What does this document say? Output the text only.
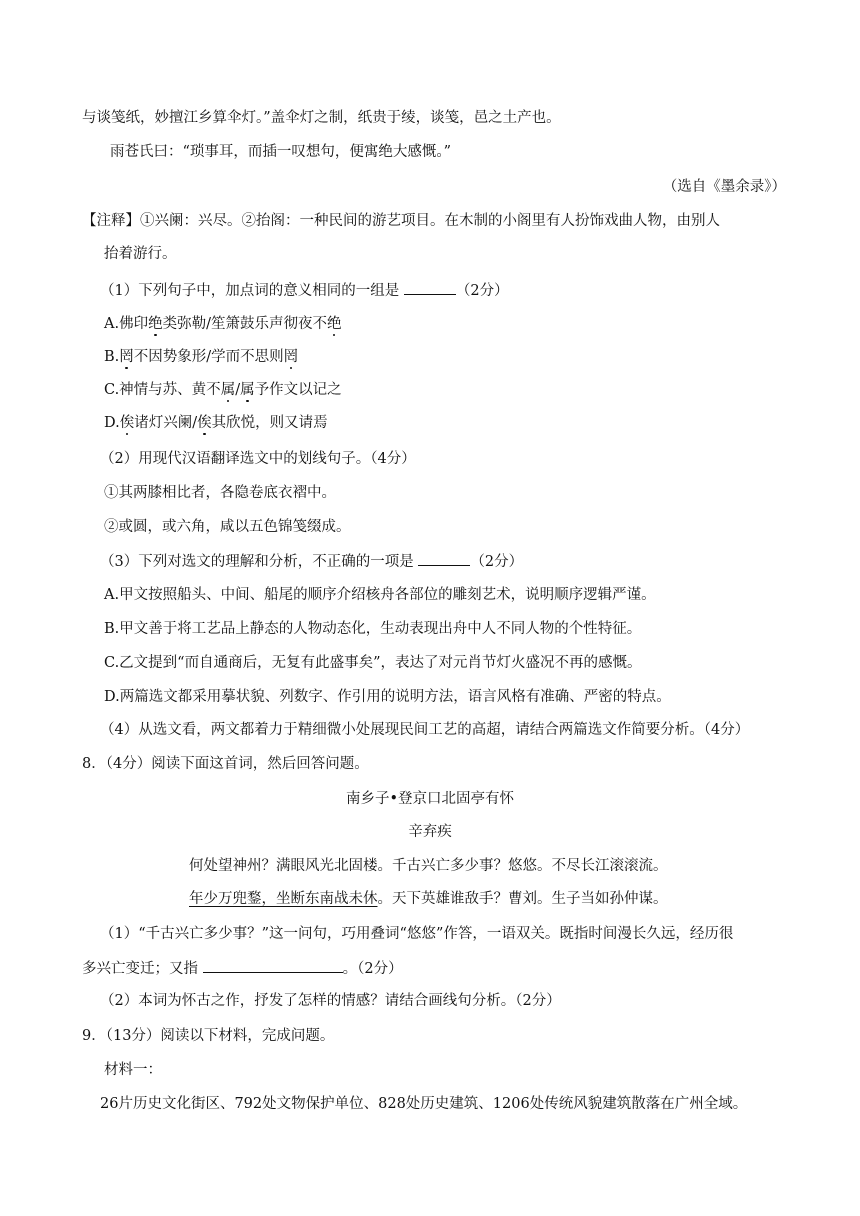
与谈笺纸，妙擅江乡算伞灯。”盖伞灯之制，纸贵于绫，谈笺，邑之土产也。
雨苍氏曰：“琐事耳，而插一叹想句，便寓绝大感慨。”
（选自《墨余录》）
【注释】①兴阑：兴尽。②抬阁：一种民间的游艺项目。在木制的小阁里有人扮饰戏曲人物，由别人
抬着游行。
（1）下列句子中，加点词的意义相同的一组是	（2分）
A.佛印绝类弥勒/笙箫鼓乐声彻夜不绝
B.罔不因势象形/学而不思则罔
C.神情与苏、黄不属/属予作文以记之
D.俟诸灯兴阑/俟其欣悦，则又请焉
（2）用现代汉语翻译选文中的划线句子。（4分）
①其两膝相比者，各隐卷底衣褶中。
②或圆，或六角，咸以五色锦笺缀成。
（3）下列对选文的理解和分析，不正确的一项是	（2分）
A.甲文按照船头、中间、船尾的顺序介绍核舟各部位的雕刻艺术，说明顺序逻辑严谨。
B.甲文善于将工艺品上静态的人物动态化，生动表现出舟中人不同人物的个性特征。
C.乙文提到“而自通商后，无复有此盛事矣”，表达了对元肖节灯火盛况不再的感慨。
D.两篇选文都采用摹状貌、列数字、作引用的说明方法，语言风格有准确、严密的特点。
（4）从选文看，两文都着力于精细微小处展现民间工艺的高超，请结合两篇选文作简要分析。（4分）
8．（4分）阅读下面这首词，然后回答问题。
南乡子•登京口北固亭有怀
辛弃疾
何处望神州？满眼风光北固楼。千古兴亡多少事？悠悠。不尽长江滚滚流。
年少万兜鍪，坐断东南战未休。天下英雄谁敌手？曹刘。生子当如孙仲谋。
（1）“千古兴亡多少事？”这一问句，巧用叠词“悠悠”作答，一语双关。既指时间漫长久远，经历很
多兴亡变迁；又指	。（2分）
（2）本词为怀古之作，抒发了怎样的情感？请结合画线句分析。（2分）
9．（13分）阅读以下材料，完成问题。
材料一：
26片历史文化街区、792处文物保护单位、828处历史建筑、1206处传统风貌建筑散落在广州全域。
